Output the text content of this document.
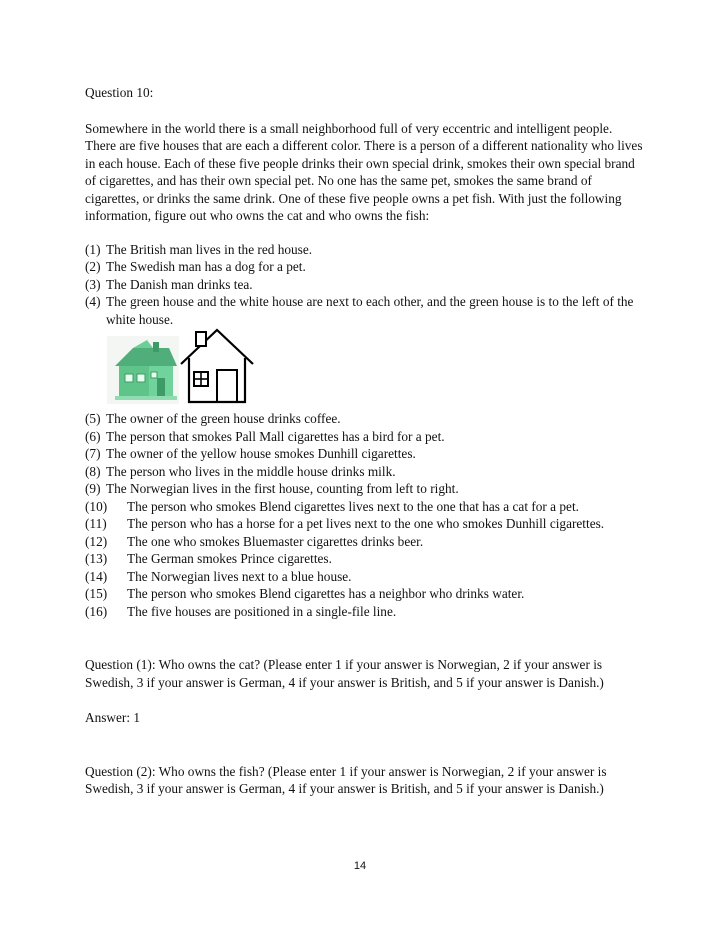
Question 10:

Somewhere in the world there is a small neighborhood full of very eccentric and intelligent people. There are five houses that are each a different color. There is a person of a different nationality who lives in each house. Each of these five people drinks their own special drink, smokes their own special brand of cigarettes, and has their own special pet. No one has the same pet, smokes the same brand of cigarettes, or drinks the same drink. One of these five people owns a pet fish. With just the following information, figure out who owns the cat and who owns the fish:

(1) The British man lives in the red house.
(2) The Swedish man has a dog for a pet.
(3) The Danish man drinks tea.
(4) The green house and the white house are next to each other, and the green house is to the left of the white house.
(5) The owner of the green house drinks coffee.
(6) The person that smokes Pall Mall cigarettes has a bird for a pet.
(7) The owner of the yellow house smokes Dunhill cigarettes.
(8) The person who lives in the middle house drinks milk.
(9) The Norwegian lives in the first house, counting from left to right.
(10)	The person who smokes Blend cigarettes lives next to the one that has a cat for a pet.
(11)	The person who has a horse for a pet lives next to the one who smokes Dunhill cigarettes.
(12)	The one who smokes Bluemaster cigarettes drinks beer.
(13)	The German smokes Prince cigarettes.
(14)	The Norwegian lives next to a blue house.
(15)	The person who smokes Blend cigarettes has a neighbor who drinks water.
(16)	The five houses are positioned in a single-file line.

Question (1): Who owns the cat? (Please enter 1 if your answer is Norwegian, 2 if your answer is Swedish, 3 if your answer is German, 4 if your answer is British, and 5 if your answer is Danish.)

Answer: 1

Question (2): Who owns the fish? (Please enter 1 if your answer is Norwegian, 2 if your answer is Swedish, 3 if your answer is German, 4 if your answer is British, and 5 if your answer is Danish.)

14
